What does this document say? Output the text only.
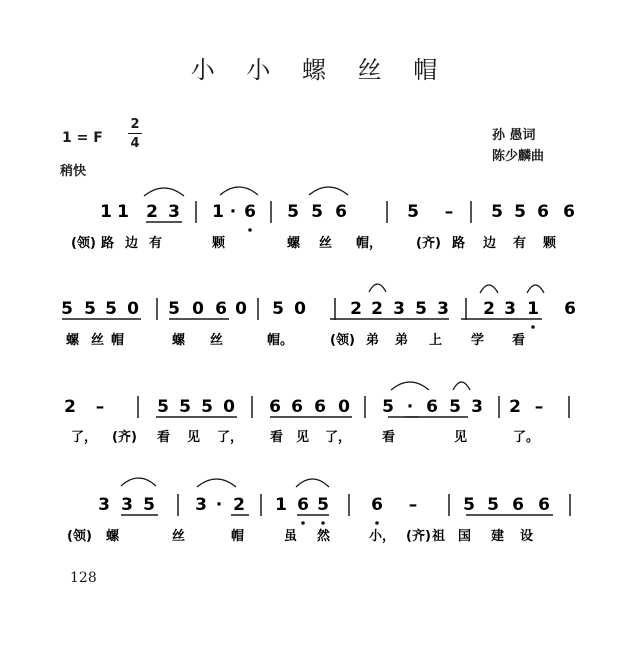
小 小 螺 丝 帽
1 = F $\frac{2}{4}$	孙 愚词
陈少麟曲
稍快
1 1 2 3 1 · 6 5 5 6	5 – 5 5 6 6
(领) 路 边 有	颗	螺 丝 帽，	(齐) 路 边 有 颗
5 5 5 0 5 0 6 0 5 0	2 2 3 5 3 2 3 1 6
螺 丝 帽	螺 丝	帽。	(领) 弟 弟 上 学 看
2 –	5 5 5 0 6 6 6 0 5 · 6 5 3 2 –
了， (齐) 看 见 了， 看 见 了， 看	见	了。
3 3 5 3 · 2 1 6 5 6 –	5 5 6 6
(领) 螺	丝	帽	虽 然	小， (齐) 祖 国 建 设
128
